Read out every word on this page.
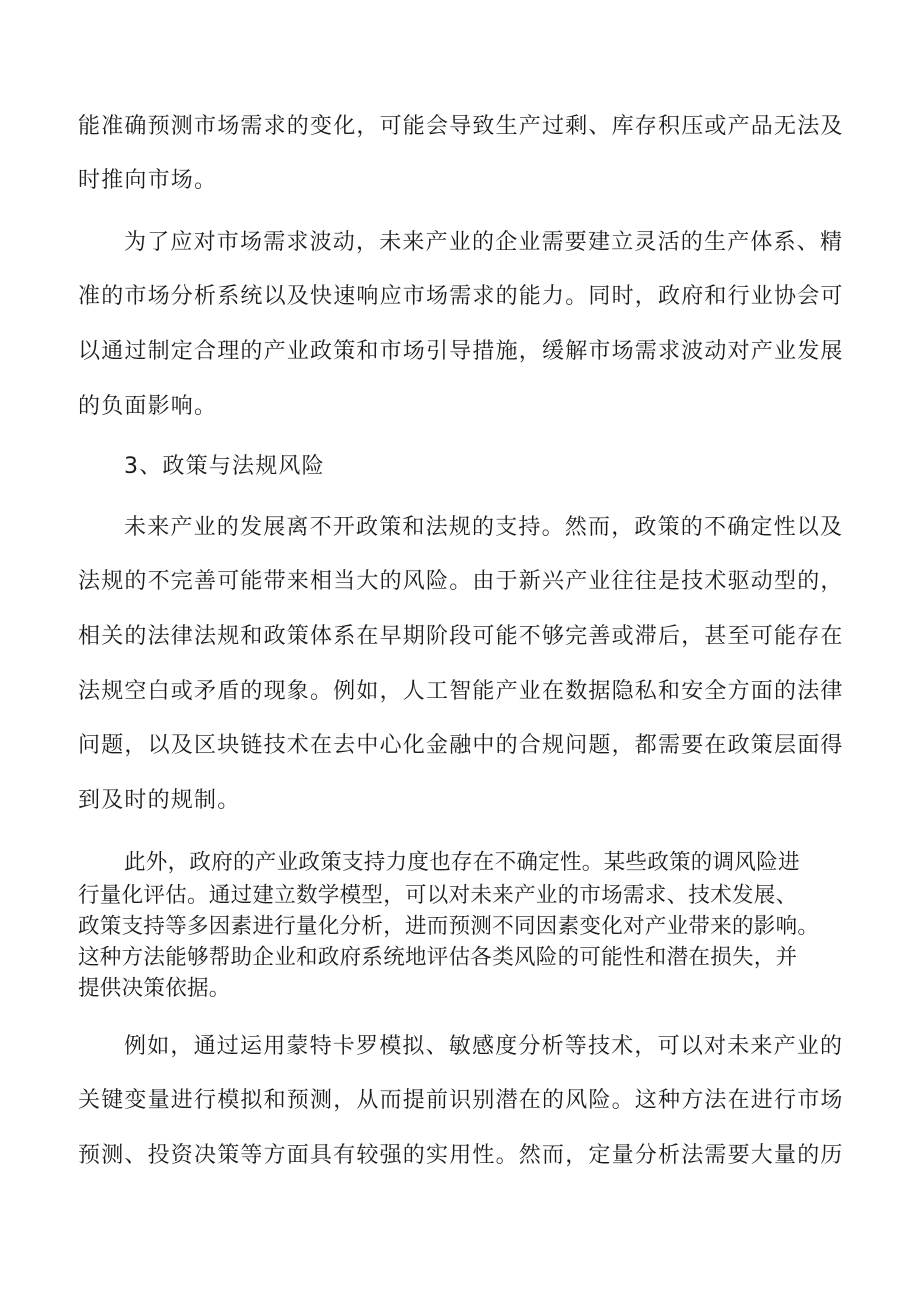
能准确预测市场需求的变化，可能会导致生产过剩、库存积压或产品无法及
时推向市场。
为了应对市场需求波动，未来产业的企业需要建立灵活的生产体系、精
准的市场分析系统以及快速响应市场需求的能力。同时，政府和行业协会可
以通过制定合理的产业政策和市场引导措施，缓解市场需求波动对产业发展
的负面影响。
3、政策与法规风险
未来产业的发展离不开政策和法规的支持。然而，政策的不确定性以及
法规的不完善可能带来相当大的风险。由于新兴产业往往是技术驱动型的，
相关的法律法规和政策体系在早期阶段可能不够完善或滞后，甚至可能存在
法规空白或矛盾的现象。例如，人工智能产业在数据隐私和安全方面的法律
问题，以及区块链技术在去中心化金融中的合规问题，都需要在政策层面得
到及时的规制。
此外，政府的产业政策支持力度也存在不确定性。某些政策的调风险进
行量化评估。通过建立数学模型，可以对未来产业的市场需求、技术发展、
政策支持等多因素进行量化分析，进而预测不同因素变化对产业带来的影响。
这种方法能够帮助企业和政府系统地评估各类风险的可能性和潜在损失，并
提供决策依据。
例如，通过运用蒙特卡罗模拟、敏感度分析等技术，可以对未来产业的
关键变量进行模拟和预测，从而提前识别潜在的风险。这种方法在进行市场
预测、投资决策等方面具有较强的实用性。然而，定量分析法需要大量的历
